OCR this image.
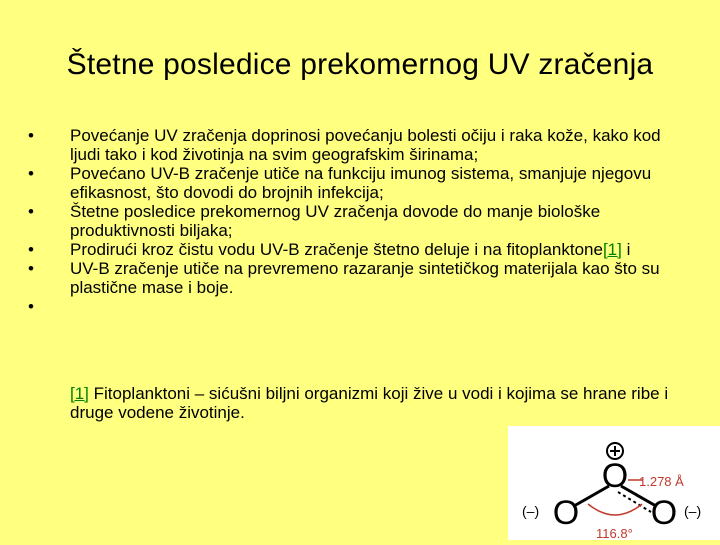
Štetne posledice prekomernog UV zračenja
•	Povećanje UV zračenja doprinosi povećanju bolesti očiju i raka kože, kako kod ljudi tako i kod životinja na svim geografskim širinama;
•	Povećano UV-B zračenje utiče na funkciju imunog sistema, smanjuje njegovu efikasnost, što dovodi do brojnih infekcija;
•	Štetne posledice prekomernog UV zračenja dovode do manje biološke produktivnosti biljaka;
•	Prodirući kroz čistu vodu UV-B zračenje štetno deluje i na fitoplanktone[1] i
•	UV-B zračenje utiče na prevremeno razaranje sintetičkog materijala kao što su plastične mase i boje.
•
[1] Fitoplanktoni – sićušni biljni organizmi koji žive u vodi i kojima se hrane ribe i druge vodene životinje.
O
O O
(–)	(–)
1.278 Å
116.8°
